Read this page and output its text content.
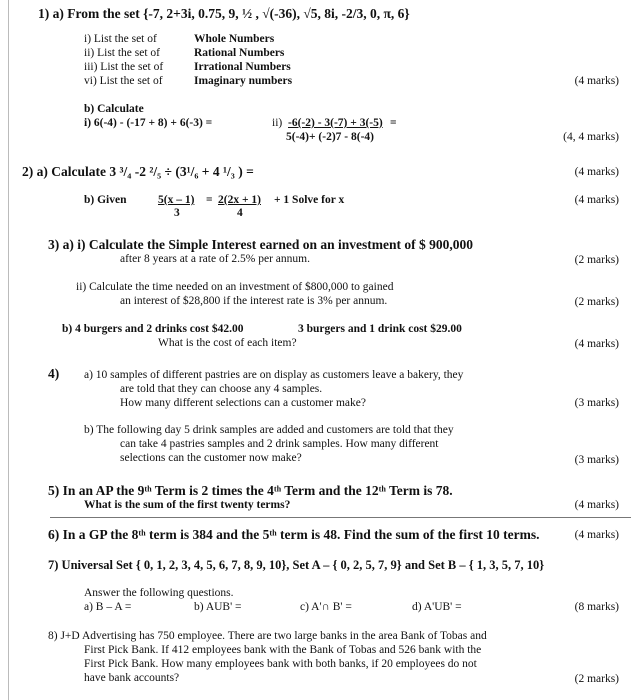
1) a) From the set {-7, 2+3i, 0.75, 9, ½ , √(-36), √5, 8i, -2/3, 0, π, 6}
i) List the set of	Whole Numbers
ii) List the set of	Rational Numbers
iii) List the set of	Irrational Numbers
vi) List the set of	Imaginary numbers	(4 marks)
b) Calculate
i) 6(-4) - (-17 + 8) + 6(-3) =	ii) -6(-2) - 3(-7) + 3(-5) =
5(-4)+ (-2)7 - 8(-4)	(4, 4 marks)
2) a) Calculate 3 ³/₄ -2 ²/₅ ÷ (3¹/₆ + 4 ¹/₃ ) =	(4 marks)
b) Given	5(x – 1)
3
= 2(2x + 1)
4
+ 1 Solve for x	(4 marks)
3) a) i) Calculate the Simple Interest earned on an investment of $ 900,000
after 8 years at a rate of 2.5% per annum.	(2 marks)
ii) Calculate the time needed on an investment of $800,000 to gained
an interest of $28,800 if the interest rate is 3% per annum.	(2 marks)
b) 4 burgers and 2 drinks cost $42.00	3 burgers and 1 drink cost $29.00
What is the cost of each item?	(4 marks)
4) a) 10 samples of different pastries are on display as customers leave a bakery, they
are told that they can choose any 4 samples.
How many different selections can a customer make?	(3 marks)
b) The following day 5 drink samples are added and customers are told that they
can take 4 pastries samples and 2 drink samples. How many different
selections can the customer now make?	(3 marks)
5) In an AP the 9ᵗʰ Term is 2 times the 4ᵗʰ Term and the 12ᵗʰ Term is 78.
What is the sum of the first twenty terms?	(4 marks)
6) In a GP the 8ᵗʰ term is 384 and the 5ᵗʰ term is 48. Find the sum of the first 10 terms.	(4 marks)
7) Universal Set { 0, 1, 2, 3, 4, 5, 6, 7, 8, 9, 10}, Set A – { 0, 2, 5, 7, 9} and Set B – { 1, 3, 5, 7, 10}
Answer the following questions.
a) B – A =	b) AUB' =	c) A'∩ B' =	d) A'UB' =	(8 marks)
8) J+D Advertising has 750 employee. There are two large banks in the area Bank of Tobas and
First Pick Bank. If 412 employees bank with the Bank of Tobas and 526 bank with the
First Pick Bank. How many employees bank with both banks, if 20 employees do not
have bank accounts?	(2 marks)
